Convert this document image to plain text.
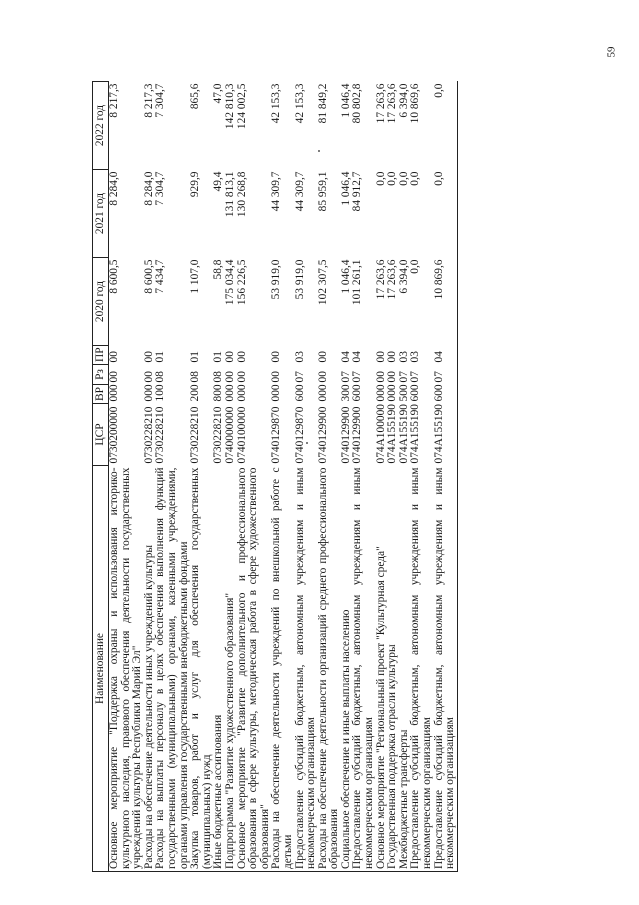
59
Наименование	ЦСР	ВР	Рз	ПР	2020 год	2021 год	2022 год
Основное мероприятие "Поддержка охраны и использования историко-культурного наследия, правового обеспечения деятельности государственных учреждений культуры Республики Марий Эл"	0730200000	000	00	00	8 600,5	8 284,0	8 217,3
Расходы на обеспечение деятельности иных учреждений культуры	0730228210	000	00	00	8 600,5	8 284,0	8 217,3
Расходы на выплаты персоналу в целях обеспечения выполнения функций государственными (муниципальными) органами, казенными учреждениями, органами управления государственными внебюджетными фондами	0730228210	100	08	01	7 434,7	7 304,7	7 304,7
Закупка товаров, работ и услуг для обеспечения государственных (муниципальных) нужд	0730228210	200	08	01	1 107,0	929,9	865,6
Иные бюджетные ассигнования	0730228210	800	08	01	58,8	49,4	47,0
Подпрограмма "Развитие художественного образования"	0740000000	000	00	00	175 034,4	131 813,1	142 810,3
Основное мероприятие "Развитие дополнительного и профессионального образования в сфере культуры, методическая работа в сфере художественного образования"	0740100000	000	00	00	156 226,5	130 268,8	124 002,5
Расходы на обеспечение деятельности учреждений по внешкольной работе с детьми	0740129870	000	00	00	53 919,0	44 309,7	42 153,3
Предоставление субсидий бюджетным, автономным учреждениям и иным некоммерческим организациям	0740129870	600	07	03	53 919,0	44 309,7	42 153,3
Расходы на обеспечение деятельности организаций среднего профессионального образования	0740129900	000	00	00	102 307,5	85 959,1	81 849,2
Социальное обеспечение и иные выплаты населению	0740129900	300	07	04	1 046,4	1 046,4	1 046,4
Предоставление субсидий бюджетным, автономным учреждениям и иным некоммерческим организациям	0740129900	600	07	04	101 261,1	84 912,7	80 802,8
Основное мероприятие "Региональный проект "Культурная среда"	074A100000	000	00	00	17 263,6	0,0	17 263,6
Государственная поддержка отрасли культуры	074A155190	000	00	00	17 263,6	0,0	17 263,6
Межбюджетные трансферты	074A155190	500	07	03	6 394,0	0,0	6 394,0
Предоставление субсидий бюджетным, автономным учреждениям и иным некоммерческим организациям	074A155190	600	07	03	0,0	0,0	10 869,6
Предоставление субсидий бюджетным, автономным учреждениям и иным некоммерческим организациям	074A155190	600	07	04	10 869,6	0,0	0,0
